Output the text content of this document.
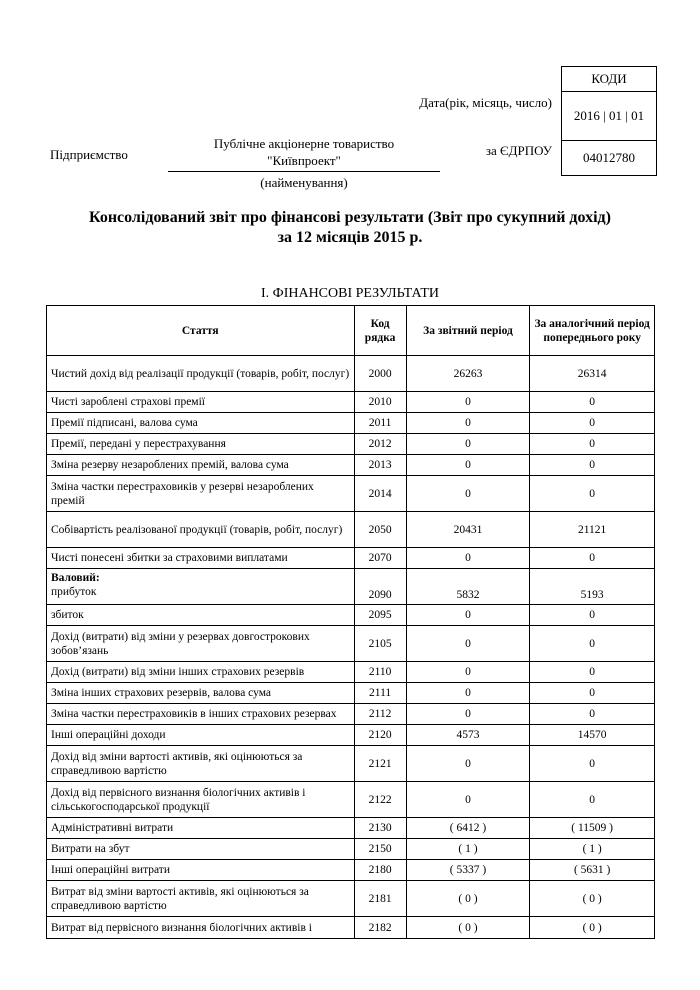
КОДИ
2016 | 01 | 01
04012780
Дата(рік, місяць, число)
за ЄДРПОУ
Підприємство
Публічне акціонерне товариство
"Київпроект"
(найменування)
Консолідований звіт про фінансові результати (Звіт про сукупний дохід)
за 12 місяців 2015 р.
I. ФІНАНСОВІ РЕЗУЛЬТАТИ
Стаття	Код рядка	За звітний період	За аналогічний період попереднього року
Чистий дохід від реалізації продукції (товарів, робіт, послуг)	2000	26263	26314
Чисті зароблені страхові премії	2010	0	0
Премії підписані, валова сума	2011	0	0
Премії, передані у перестрахування	2012	0	0
Зміна резерву незароблених премій, валова сума	2013	0	0
Зміна частки перестраховиків у резерві незароблених премій	2014	0	0
Собівартість реалізованої продукції (товарів, робіт, послуг)	2050	20431	21121
Чисті понесені збитки за страховими виплатами	2070	0	0

Валовий:
прибуток	2090	5832	5193
збиток	2095	0	0
Дохід (витрати) від зміни у резервах довгострокових зобов’язань	2105	0	0
Дохід (витрати) від зміни інших страхових резервів	2110	0	0
Зміна інших страхових резервів, валова сума	2111	0	0
Зміна частки перестраховиків в інших страхових резервах	2112	0	0
Інші операційні доходи	2120	4573	14570
Дохід від зміни вартості активів, які оцінюються за справедливою вартістю	2121	0	0
Дохід від первісного визнання біологічних активів і сільськогосподарської продукції	2122	0	0
Адміністративні витрати	2130	( 6412 )	( 11509 )
Витрати на збут	2150	( 1 )	( 1 )
Інші операційні витрати	2180	( 5337 )	( 5631 )
Витрат від зміни вартості активів, які оцінюються за справедливою вартістю	2181	( 0 )	( 0 )
Витрат від первісного визнання біологічних активів і	2182	( 0 )	( 0 )
